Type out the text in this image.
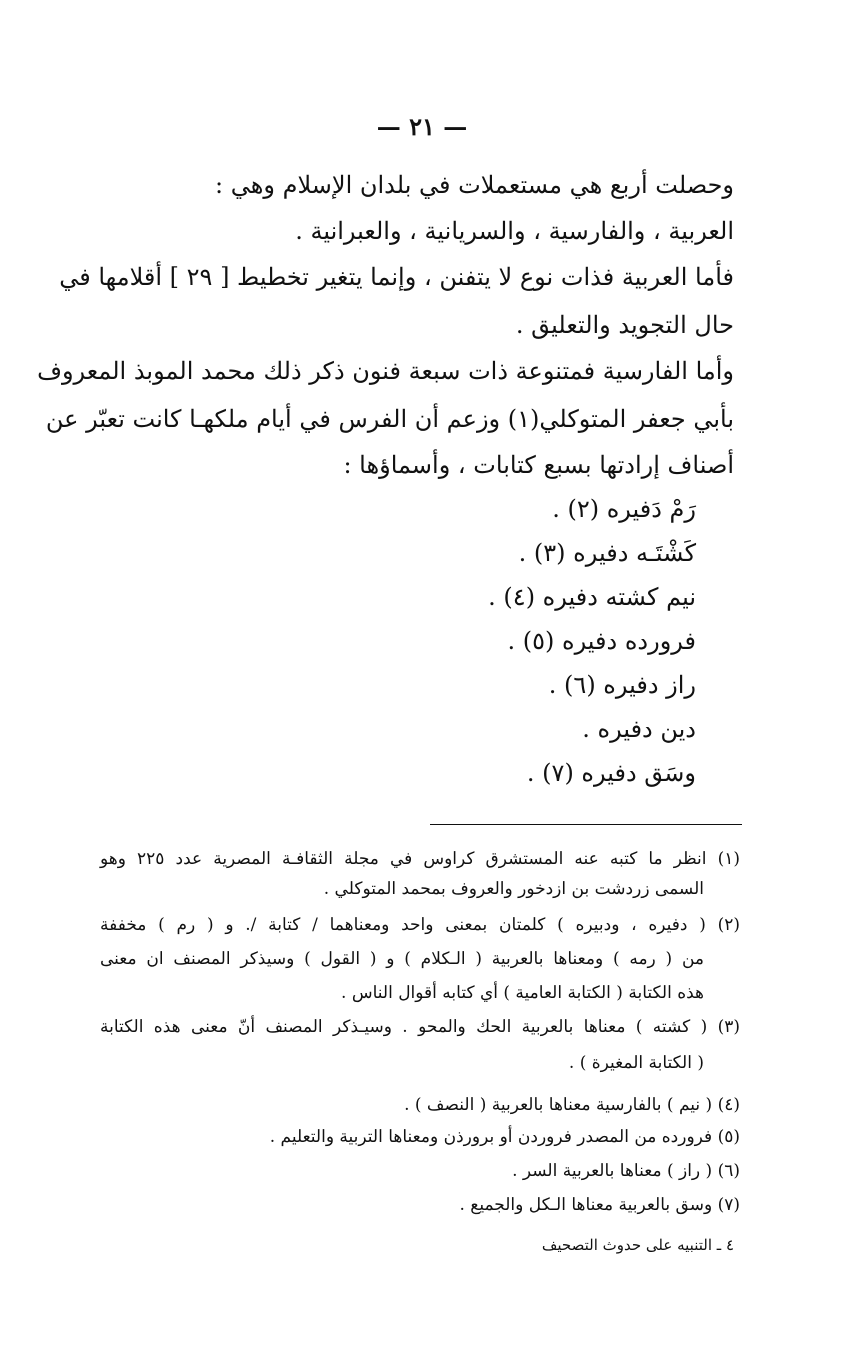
— ٢١ —
وحصلت أربع هي مستعملات في بلدان الإسلام وهي :
العربية ، والفارسية ، والسريانية ، والعبرانية .
فأما العربية فذات نوع لا يتفنن ، وإنما يتغير تخطيط [ ٢٩ ] أقلامها في
حال التجويد والتعليق .
وأما الفارسية فمتنوعة ذات سبعة فنون ذكر ذلك محمد الموبذ المعروف
بأبي جعفر المتوكلي(١) وزعم أن الفرس في أيام ملكهـا كانت تعبّر عن
أصناف إرادتها بسبع كتابات ، وأسماؤها :
رَمْ دَفيره (٢) .
كَشْتَـه دفيره (٣) .
نيم كشته دفيره (٤) .
فرورده دفيره (٥) .
راز دفيره (٦) .
دين دفيره .
وسَق دفيره (٧) .
(١) انظر ما كتبه عنه المستشرق كراوس في مجلة الثقافـة المصرية عدد ٢٢٥ وهو
السمى زردشت بن ازدخور والعروف بمحمد المتوكلي .
(٢) ( دفيره ، ودبيره ) كلمتان بمعنى واحد ومعناهما / كتابة /. و ( رم ) مخففة
من ( رمه ) ومعناها بالعربية ( الـكلام ) و ( القول ) وسيذكر المصنف ان معنى
هذه الكتابة ( الكتابة العامية ) أي كتابه أقوال الناس .
(٣) ( كشته ) معناها بالعربية الحك والمحو . وسيـذكر المصنف أنّ معنى هذه الكتابة
( الكتابة المغيرة ) .
(٤) ( نيم ) بالفارسية معناها بالعربية ( النصف ) .
(٥) فرورده من المصدر فروردن أو برورذن ومعناها التربية والتعليم .
(٦) ( راز ) معناها بالعربية السر .
(٧) وسق بالعربية معناها الـكل والجميع .
٤ ـ التنبيه على حدوث التصحيف
